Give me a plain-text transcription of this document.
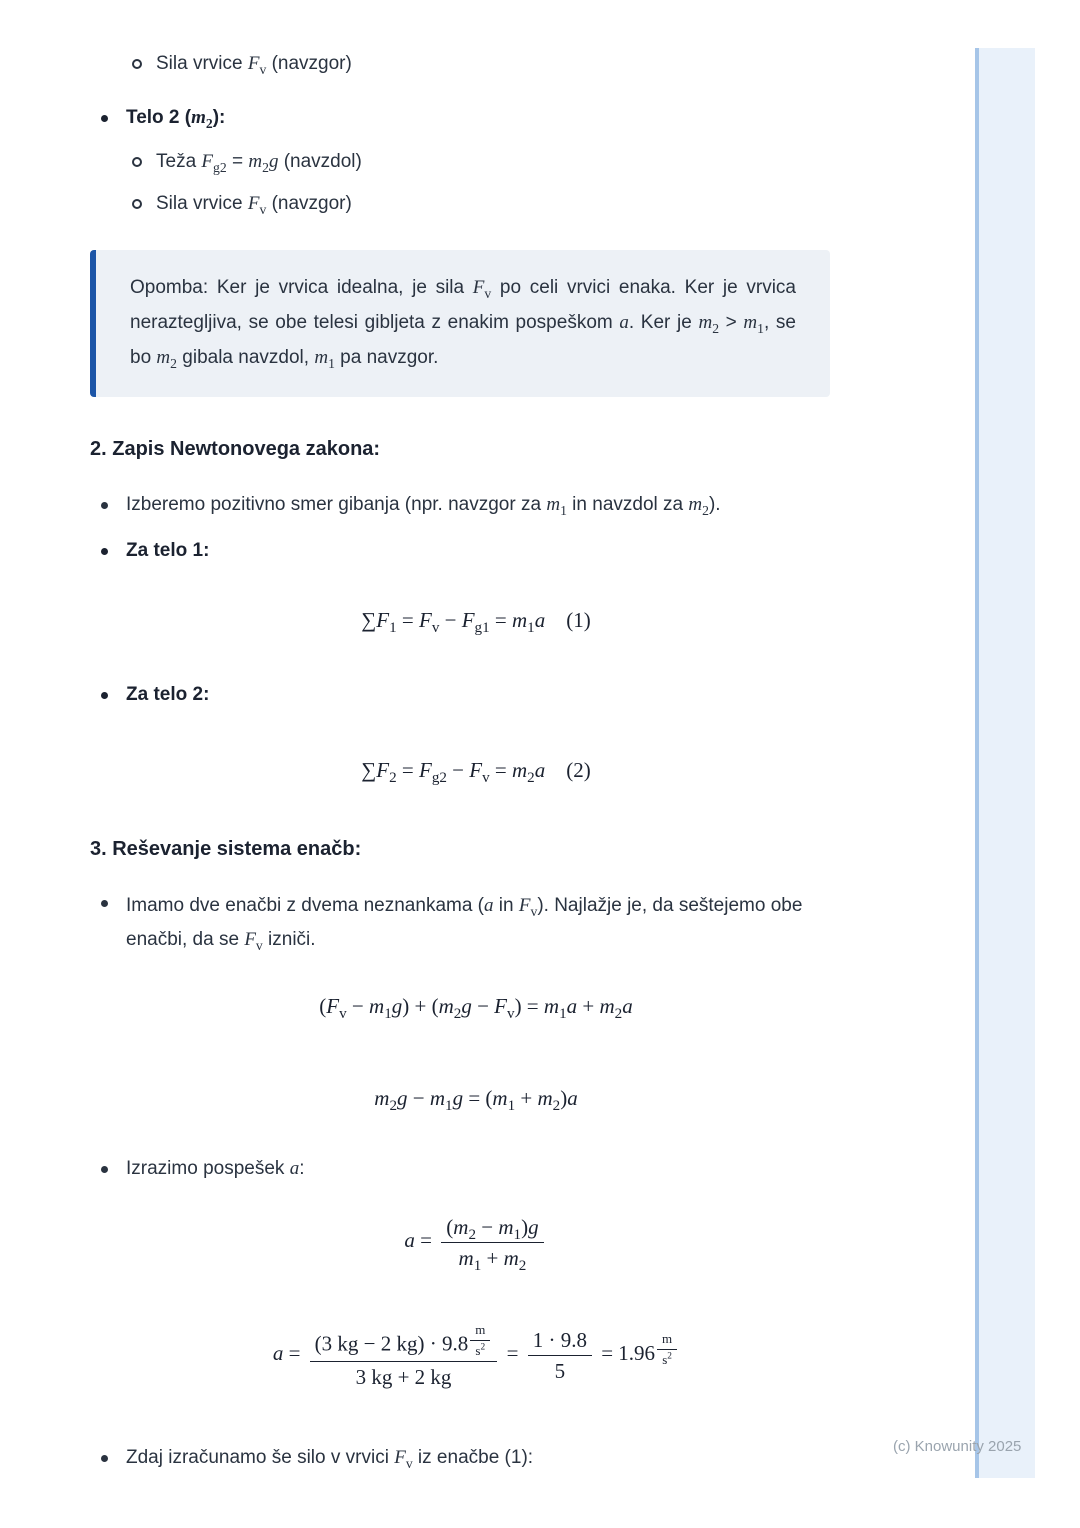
Sila vrvice $F_v$ (navzgor)
Telo 2 $(m_2)$:
Teža $F_{g2} = m_2g$ (navzdol)
Sila vrvice $F_v$ (navzgor)

Opomba: Ker je vrvica idealna, je sila $F_v$ po celi vrvici enaka. Ker je vrvica neraztegljiva, se obe telesi gibljeta z enakim pospeškom a. Ker je $m_2 > m_1$, se bo $m_2$ gibala navzdol, $m_1$ pa navzgor.

2. Zapis Newtonovega zakona:
Izberemo pozitivno smer gibanja (npr. navzgor za $m_1$ in navzdol za $m_2$).
Za telo 1:
$\sum F_1 = F_v - F_{g1} = m_1a$  (1)
Za telo 2:
$\sum F_2 = F_{g2} - F_v = m_2a$  (2)
3. Reševanje sistema enačb:
Imamo dve enačbi z dvema neznankama (a in $F_v$). Najlažje je, da seštejemo obe enačbi, da se $F_v$ izniči.
$(F_v - m_1g) + (m_2g - F_v) = m_1a + m_2a$
$m_2g - m_1g = (m_1 + m_2)a$
Izrazimo pospešek a:
$a = \frac{(m_2 - m_1)g}{m_1 + m_2}$
$a = \frac{(3 kg - 2 kg) \cdot 9.8 \frac{m}{s^2}}{3 kg + 2 kg} = \frac{1 \cdot 9.8}{5} = 1.96 \frac{m}{s^2}$
Zdaj izračunamo še silo v vrvici $F_v$ iz enačbe (1):
(c) Knowunity 2025
